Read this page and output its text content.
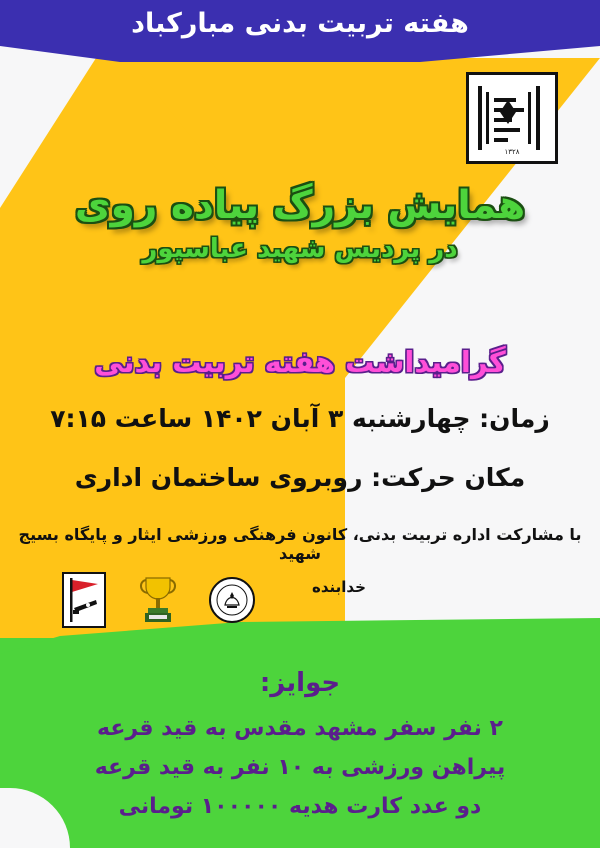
هفته تربیت بدنی مبارکباد
۱۳۲۸
همایش بزرگ پیاده روی
در پردیس شهید عباسپور
گرامیداشت هفته تربیت بدنی
زمان: چهارشنبه ۳ آبان ۱۴۰۲ ساعت ۷:۱۵
مکان حرکت: روبروی ساختمان اداری
با مشارکت اداره تربیت بدنی، کانون فرهنگی ورزشی ایثار و پایگاه بسیج شهید
خدابنده
جوایز:
۲ نفر سفر مشهد مقدس به قید قرعه
پیراهن ورزشی به ۱۰ نفر به قید قرعه
دو عدد کارت هدیه ۱۰۰۰۰۰ تومانی
